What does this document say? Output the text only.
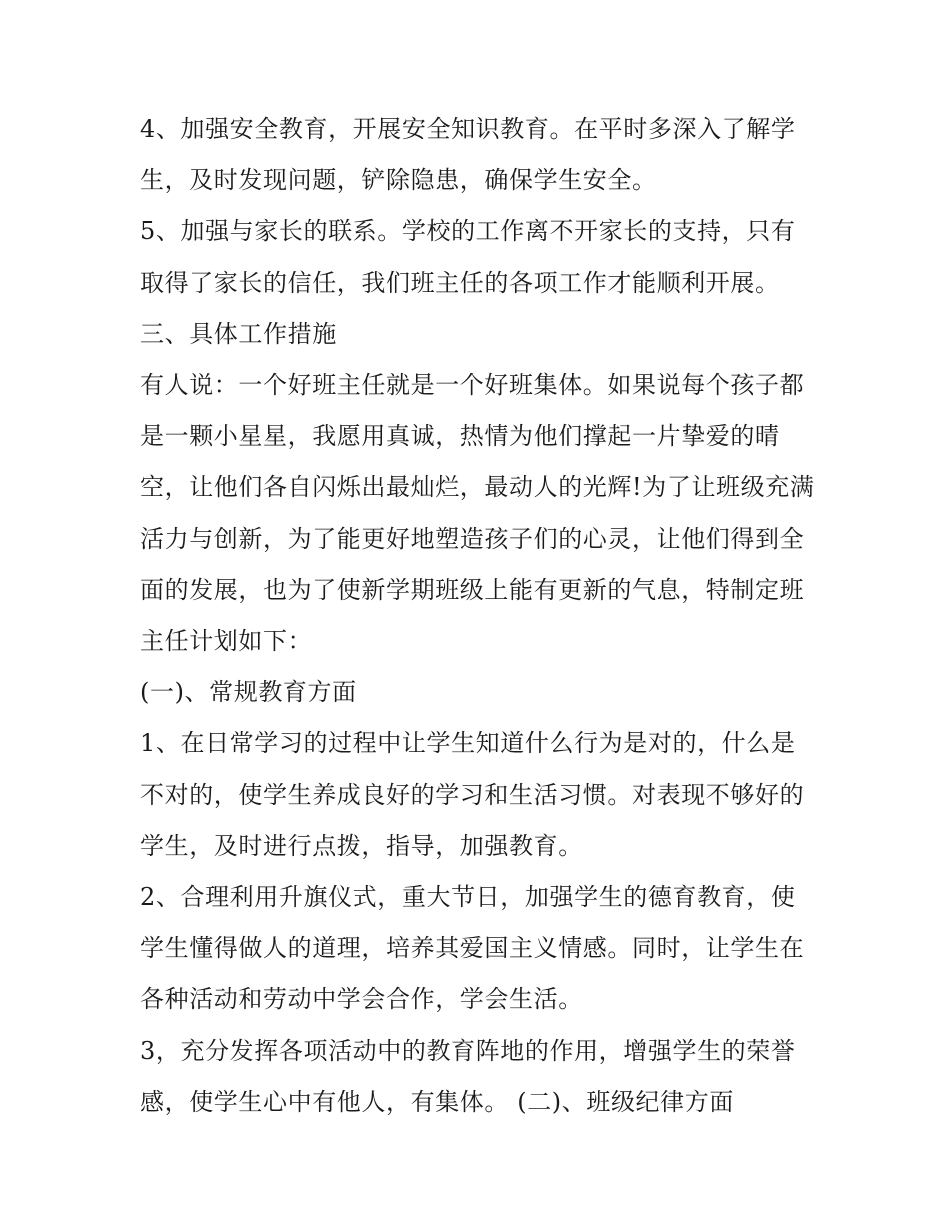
4、加强安全教育，开展安全知识教育。在平时多深入了解学生，及时发现问题，铲除隐患，确保学生安全。

5、加强与家长的联系。学校的工作离不开家长的支持，只有取得了家长的信任，我们班主任的各项工作才能顺利开展。

三、具体工作措施

有人说：一个好班主任就是一个好班集体。如果说每个孩子都是一颗小星星，我愿用真诚，热情为他们撑起一片挚爱的晴空，让他们各自闪烁出最灿烂，最动人的光辉!为了让班级充满活力与创新，为了能更好地塑造孩子们的心灵，让他们得到全面的发展，也为了使新学期班级上能有更新的气息，特制定班主任计划如下：

(一)、常规教育方面

1、在日常学习的过程中让学生知道什么行为是对的，什么是不对的，使学生养成良好的学习和生活习惯。对表现不够好的学生，及时进行点拨，指导，加强教育。

2、合理利用升旗仪式，重大节日，加强学生的德育教育，使学生懂得做人的道理，培养其爱国主义情感。同时，让学生在各种活动和劳动中学会合作，学会生活。

3，充分发挥各项活动中的教育阵地的作用，增强学生的荣誉感，使学生心中有他人，有集体。 (二)、班级纪律方面
